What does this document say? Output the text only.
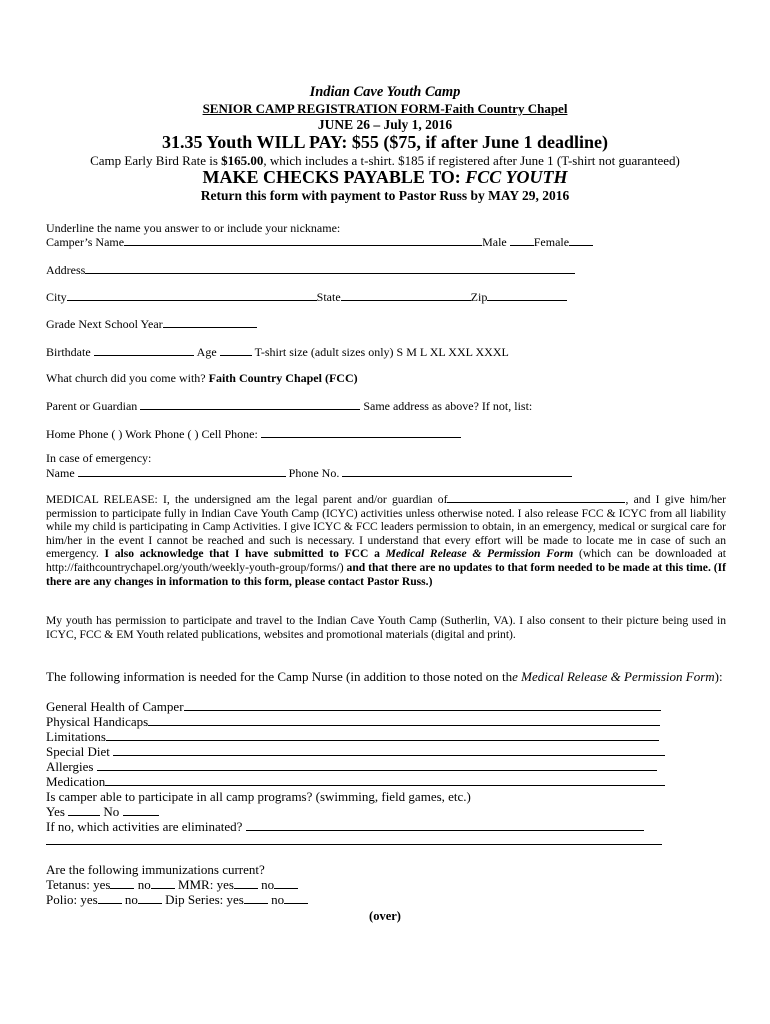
Indian Cave Youth Camp
SENIOR CAMP REGISTRATION FORM-Faith Country Chapel
JUNE 26 – July 1, 2016
31.35 Youth WILL PAY: $55 ($75, if after June 1 deadline)
Camp Early Bird Rate is $165.00, which includes a t-shirt. $185 if registered after June 1 (T-shirt not guaranteed)
MAKE CHECKS PAYABLE TO: FCC YOUTH
Return this form with payment to Pastor Russ by MAY 29, 2016
Underline the name you answer to or include your nickname:
Camper’s Name	Male Female
Address
City	State	Zip
Grade Next School Year
Birthdate	Age	T-shirt size (adult sizes only) S M L XL XXL XXXL
What church did you come with? Faith Country Chapel (FCC)
Parent or Guardian	Same address as above? If not, list:
Home Phone ( ) Work Phone ( ) Cell Phone:
In case of emergency:
Name	Phone No.
MEDICAL RELEASE: I, the undersigned am the legal parent and/or guardian of	, and I give him/her permission to participate fully in Indian Cave Youth Camp (ICYC) activities unless otherwise noted. I also release FCC & ICYC from all liability while my child is participating in Camp Activities. I give ICYC & FCC leaders permission to obtain, in an emergency, medical or surgical care for him/her in the event I cannot be reached and such is necessary. I understand that every effort will be made to locate me in case of such an emergency. I also acknowledge that I have submitted to FCC a Medical Release & Permission Form (which can be downloaded at http://faithcountrychapel.org/youth/weekly-youth-group/forms/) and that there are no updates to that form needed to be made at this time. (If there are any changes in information to this form, please contact Pastor Russ.)
My youth has permission to participate and travel to the Indian Cave Youth Camp (Sutherlin, VA). I also consent to their picture being used in ICYC, FCC & EM Youth related publications, websites and promotional materials (digital and print).
The following information is needed for the Camp Nurse (in addition to those noted on the Medical Release & Permission Form):
General Health of Camper
Physical Handicaps
Limitations
Special Diet
Allergies
Medication
Is camper able to participate in all camp programs? (swimming, field games, etc.)
Yes	No
If no, which activities are eliminated?
Are the following immunizations current?
Tetanus: yes no MMR: yes no
Polio: yes no Dip Series: yes no
(over)
